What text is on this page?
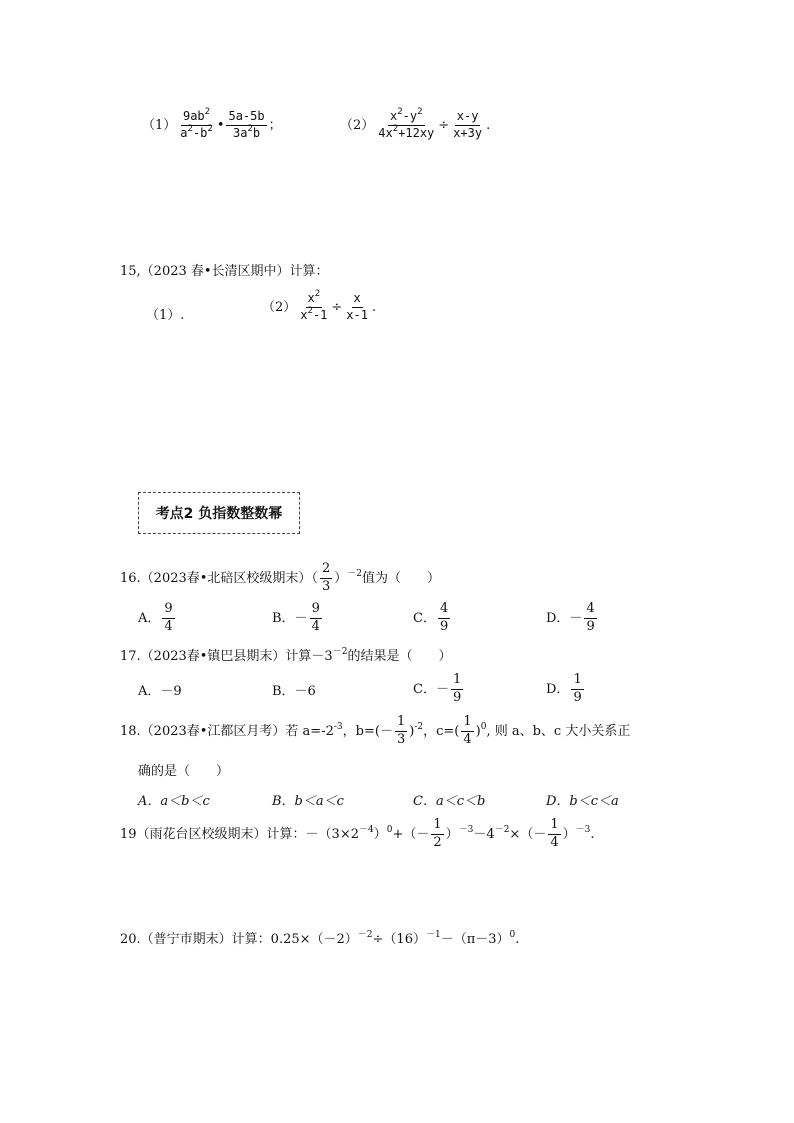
$(1) \frac{9ab^2}{a^2-b^2}$ • $\frac{5a-5b}{3a^2b}$ ；	$(2) \frac{x^2-y^2}{4x^2+12xy} \div \frac{x-y}{x+3y}$ .
15,（2023 春•长清区期中）计算：
（1）.
$(2) \frac{x^2}{x^2-1} \div \frac{x}{x-1}$ .
考点2 负指数整数幂
16.（2023春•北碚区校级期末）（ $\frac{2}{3} )^{-2}$值为（　　）
A． $\frac{9}{4}$	B．－ $\frac{9}{4}$	C． $\frac{4}{9}$	D．－ $\frac{4}{9}$
17.（2023春•镇巴县期末）计算$-3^{-2}$的结果是（　　）
A．－9	B．－6	C．－ $\frac{1}{9}$	D． $\frac{1}{9}$
18.（2023春•江都区月考）若 $a=-2^{-3}$，$b=(- \frac{1}{3} )^{-2}$，$c=( \frac{1}{4} )^0$, 则 a、b、c 大小关系正
确的是（　　）
A．a＜b＜c	B．b＜a＜c	C．a＜c＜b	D．b＜c＜a
19（雨花台区校级期末）计算：$-(3\times 2^{-4})^0+(- \frac{1}{2} )^{-3}-4^{-2}\times(- \frac{1}{4} )^{-3}$.
20.（普宁市期末）计算：$0.25\times(-2)^{-2}\div(16)^{-1}-(\pi-3)^0$.
